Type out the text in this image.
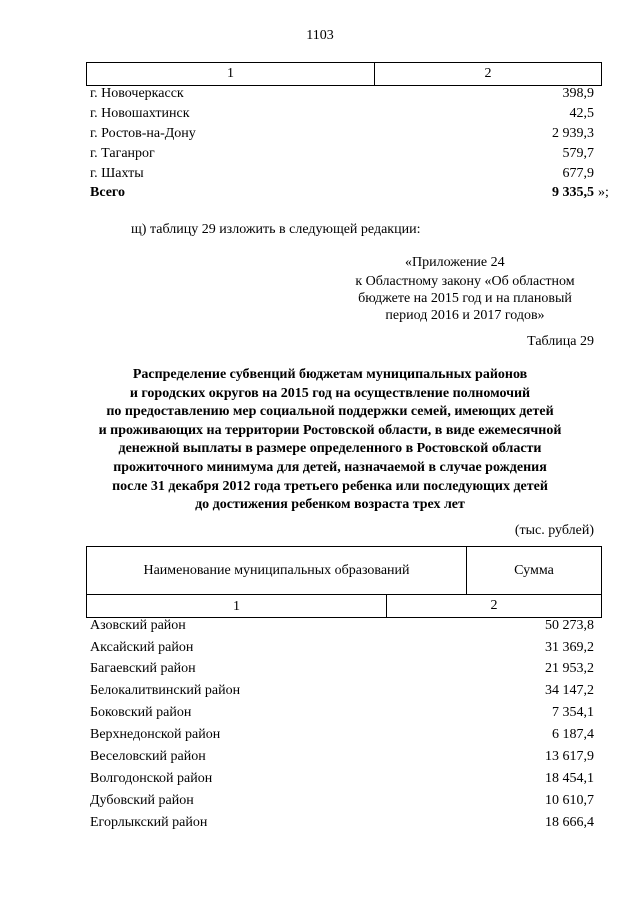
1103
1	2
г. Новочеркасск	398,9
г. Новошахтинск	42,5
г. Ростов-на-Дону	2 939,3
г. Таганрог	579,7
г. Шахты	677,9
Всего	9 335,5 »;
щ) таблицу 29 изложить в следующей редакции:
«Приложение 24
к Областному закону «Об областном
бюджете на 2015 год и на плановый
период 2016 и 2017 годов»
Таблица 29
Распределение субвенций бюджетам муниципальных районов
и городских округов на 2015 год на осуществление полномочий
по предоставлению мер социальной поддержки семей, имеющих детей
и проживающих на территории Ростовской области, в виде ежемесячной
денежной выплаты в размере определенного в Ростовской области
прожиточного минимума для детей, назначаемой в случае рождения
после 31 декабря 2012 года третьего ребенка или последующих детей
до достижения ребенком возраста трех лет
(тыс. рублей)
Наименование муниципальных образований	Сумма
1	2
Азовский район	50 273,8
Аксайский район	31 369,2
Багаевский район	21 953,2
Белокалитвинский район	34 147,2
Боковский район	7 354,1
Верхнедонской район	6 187,4
Веселовский район	13 617,9
Волгодонской район	18 454,1
Дубовский район	10 610,7
Егорлыкский район	18 666,4
